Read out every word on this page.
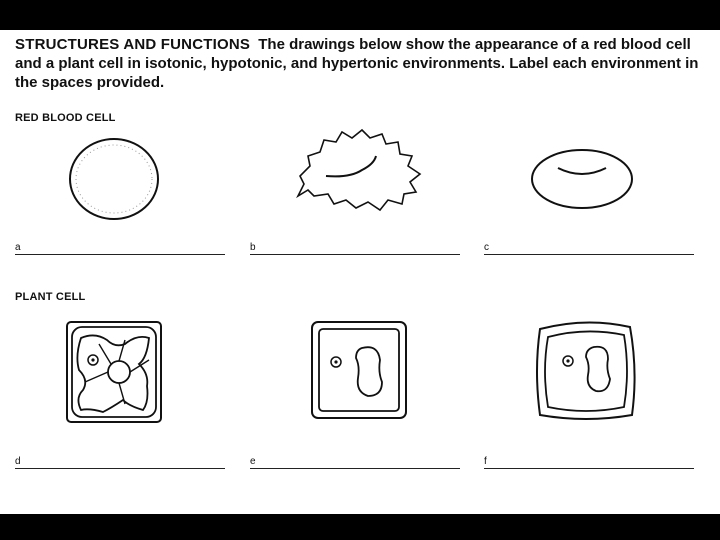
STRUCTURES AND FUNCTIONS The drawings below show the appearance of a red blood cell and a plant cell in isotonic, hypotonic, and hypertonic environments. Label each environment in the spaces provided.
RED BLOOD CELL
PLANT CELL
a	b	c
d	e	f
